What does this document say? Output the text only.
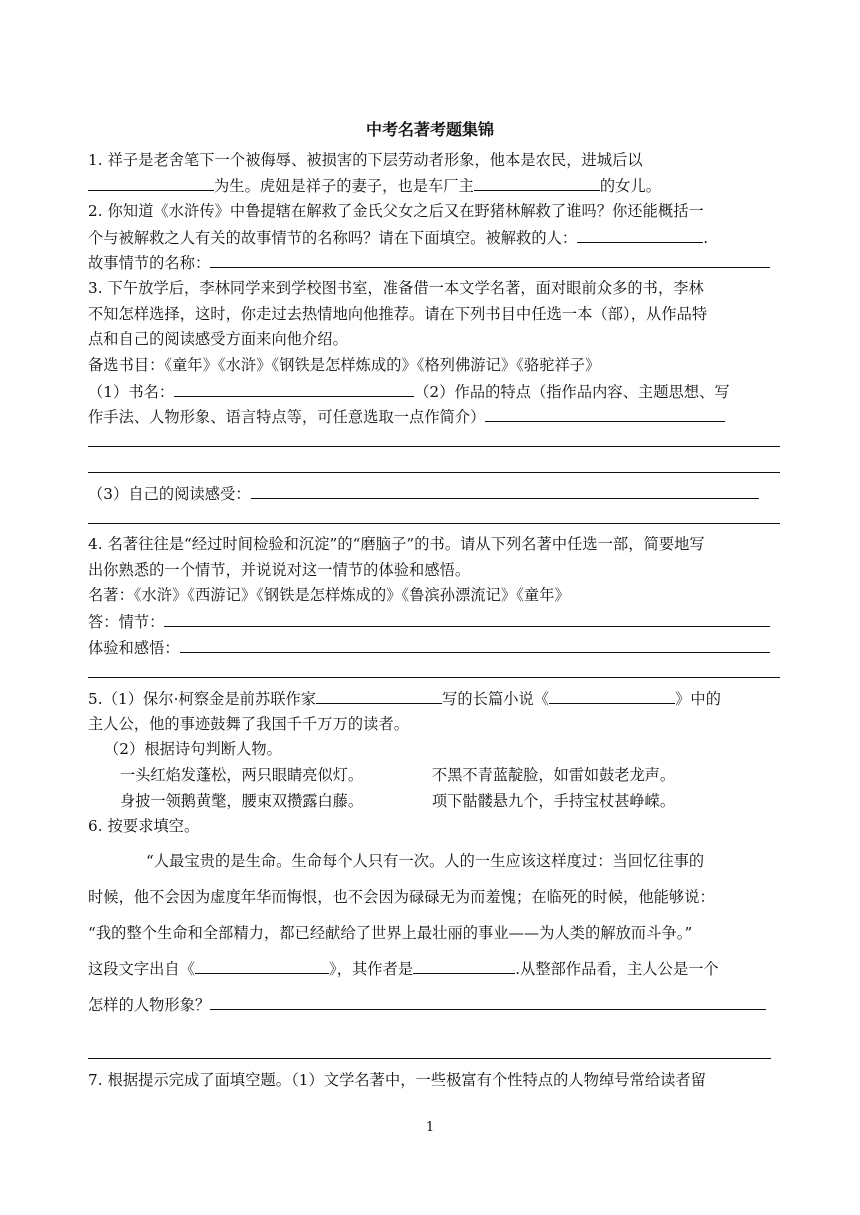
中考名著考题集锦
1. 祥子是老舍笔下一个被侮辱、被损害的下层劳动者形象，他本是农民，进城后以
为生。虎妞是祥子的妻子，也是车厂主	的女儿。
2. 你知道《水浒传》中鲁提辖在解救了金氏父女之后又在野猪林解救了谁吗？你还能概括一
个与被解救之人有关的故事情节的名称吗？请在下面填空。被解救的人：	.
故事情节的名称：
3. 下午放学后，李林同学来到学校图书室，准备借一本文学名著，面对眼前众多的书，李林
不知怎样选择，这时，你走过去热情地向他推荐。请在下列书目中任选一本（部），从作品特
点和自己的阅读感受方面来向他介绍。
备选书目：《童年》《水浒》《钢铁是怎样炼成的》《格列佛游记》《骆驼祥子》
（1）书名：	（2）作品的特点（指作品内容、主题思想、写
作手法、人物形象、语言特点等，可任意选取一点作简介）
（3）自己的阅读感受：
4. 名著往往是“经过时间检验和沉淀”的“磨脑子”的书。请从下列名著中任选一部，简要地写
出你熟悉的一个情节，并说说对这一情节的体验和感悟。
名著：《水浒》《西游记》《钢铁是怎样炼成的》《鲁滨孙漂流记》《童年》
答：情节：
体验和感悟：
5.（1）保尔·柯察金是前苏联作家	写的长篇小说《	》中的
主人公，他的事迹鼓舞了我国千千万万的读者。
（2）根据诗句判断人物。
一头红焰发蓬松，两只眼睛亮似灯。	不黑不青蓝靛脸，如雷如鼓老龙声。
身披一领鹅黄氅，腰束双攒露白藤。	项下骷髅悬九个，手持宝杖甚峥嵘。
6. 按要求填空。
“人最宝贵的是生命。生命每个人只有一次。人的一生应该这样度过：当回忆往事的
时候，他不会因为虚度年华而悔恨，也不会因为碌碌无为而羞愧；在临死的时候，他能够说：
“我的整个生命和全部精力，都已经献给了世界上最壮丽的事业——为人类的解放而斗争。”
这段文字出自《	》，其作者是	.从整部作品看，主人公是一个
怎样的人物形象？
7. 根据提示完成了面填空题。（1）文学名著中，一些极富有个性特点的人物绰号常给读者留
1
